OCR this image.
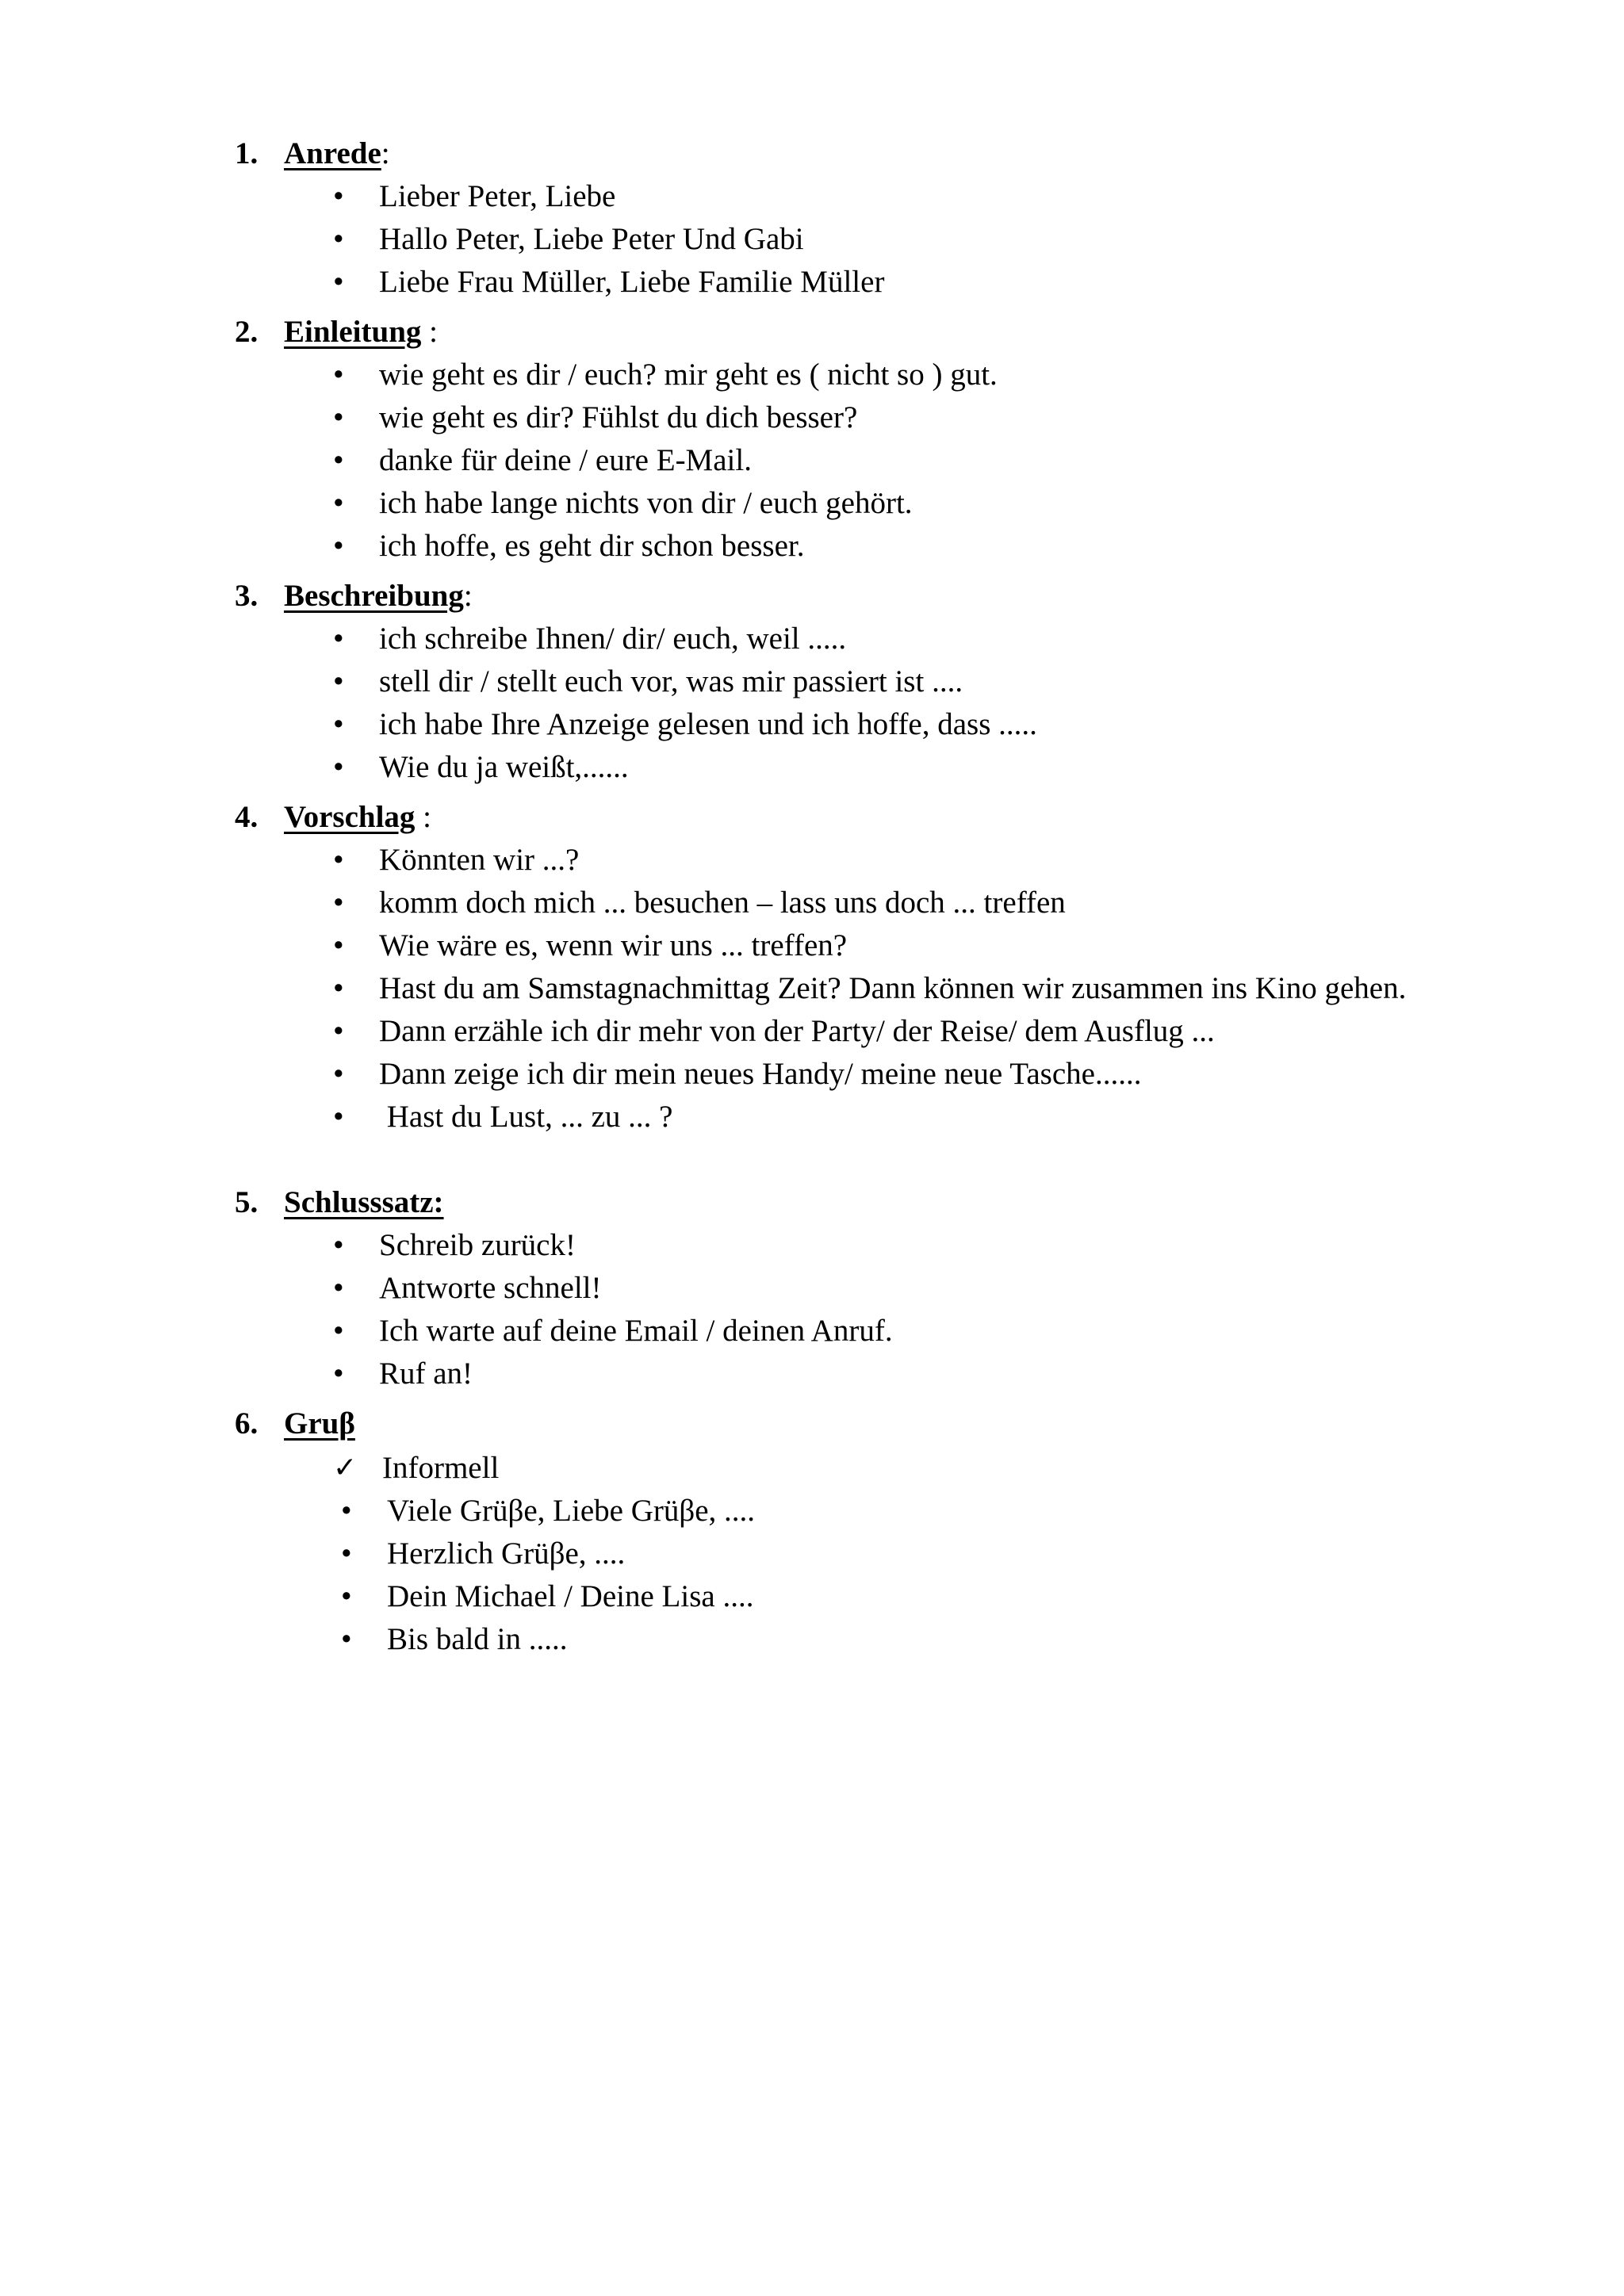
1. Anrede:
• Lieber Peter, Liebe
• Hallo Peter, Liebe Peter Und Gabi
• Liebe Frau Müller, Liebe Familie Müller
2. Einleitung :
• wie geht es dir / euch? mir geht es ( nicht so ) gut.
• wie geht es dir? Fühlst du dich besser?
• danke für deine / eure E-Mail.
• ich habe lange nichts von dir / euch gehört.
• ich hoffe, es geht dir schon besser.
3. Beschreibung:
• ich schreibe Ihnen/ dir/ euch, weil .....
• stell dir / stellt euch vor, was mir passiert ist ....
• ich habe Ihre Anzeige gelesen und ich hoffe, dass .....
• Wie du ja weißt,......
4. Vorschlag :
• Könnten wir ...?
• komm doch mich ... besuchen – lass uns doch ... treffen
• Wie wäre es, wenn wir uns ... treffen?
• Hast du am Samstagnachmittag Zeit? Dann können wir zusammen ins Kino gehen.
• Dann erzähle ich dir mehr von der Party/ der Reise/ dem Ausflug ...
• Dann zeige ich dir mein neues Handy/ meine neue Tasche......
• Hast du Lust, ... zu ... ?
5. Schlusssatz:
• Schreib zurück!
• Antworte schnell!
• Ich warte auf deine Email / deinen Anruf.
• Ruf an!
6. Gruβ
✓ Informell
• Viele Grüβe, Liebe Grüβe, ....
• Herzlich Grüβe, ....
• Dein Michael / Deine Lisa ....
• Bis bald in .....
